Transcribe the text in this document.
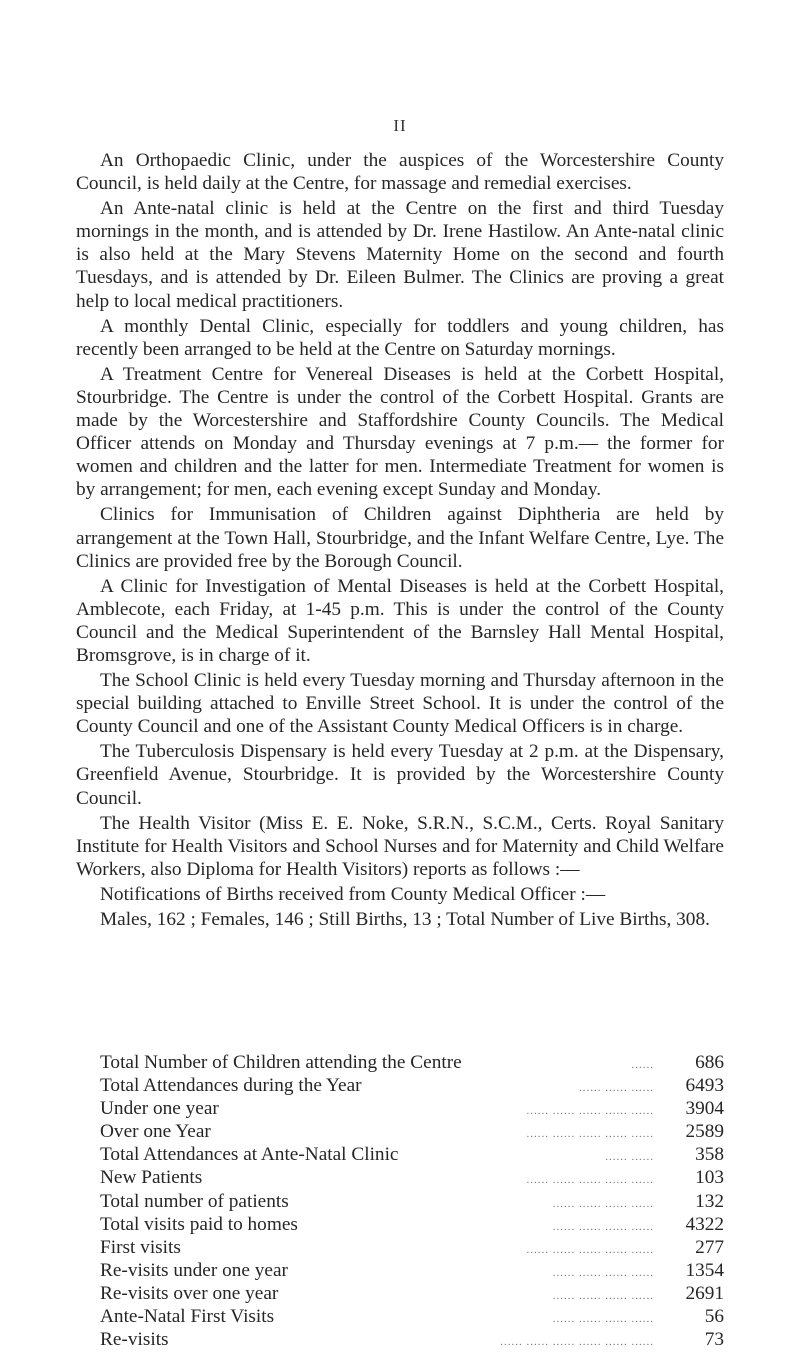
II

An Orthopaedic Clinic, under the auspices of the Worcestershire County Council, is held daily at the Centre, for massage and remedial exercises.

An Ante-natal clinic is held at the Centre on the first and third Tuesday mornings in the month, and is attended by Dr. Irene Hastilow. An Ante-natal clinic is also held at the Mary Stevens Maternity Home on the second and fourth Tuesdays, and is attended by Dr. Eileen Bulmer. The Clinics are proving a great help to local medical practitioners.

A monthly Dental Clinic, especially for toddlers and young children, has recently been arranged to be held at the Centre on Saturday mornings.

A Treatment Centre for Venereal Diseases is held at the Corbett Hospital, Stourbridge. The Centre is under the control of the Corbett Hospital. Grants are made by the Worcestershire and Staffordshire County Councils. The Medical Officer attends on Monday and Thursday evenings at 7 p.m.— the former for women and children and the latter for men. Intermediate Treatment for women is by arrangement; for men, each evening except Sunday and Monday.

Clinics for Immunisation of Children against Diphtheria are held by arrangement at the Town Hall, Stourbridge, and the Infant Welfare Centre, Lye. The Clinics are provided free by the Borough Council.

A Clinic for Investigation of Mental Diseases is held at the Corbett Hospital, Amblecote, each Friday, at 1-45 p.m. This is under the control of the County Council and the Medical Superintendent of the Barnsley Hall Mental Hospital, Bromsgrove, is in charge of it.

The School Clinic is held every Tuesday morning and Thursday afternoon in the special building attached to Enville Street School. It is under the control of the County Council and one of the Assistant County Medical Officers is in charge.

The Tuberculosis Dispensary is held every Tuesday at 2 p.m. at the Dispensary, Greenfield Avenue, Stourbridge. It is provided by the Worcestershire County Council.

The Health Visitor (Miss E. E. Noke, S.R.N., S.C.M., Certs. Royal Sanitary Institute for Health Visitors and School Nurses and for Maternity and Child Welfare Workers, also Diploma for Health Visitors) reports as follows :—

Notifications of Births received from County Medical Officer :—

Males, 162 ; Females, 146 ; Still Births, 13 ; Total Number of Live Births, 308.

Total Number of Children attending the Centre	......	686
Total Attendances during the Year	...... ...... ......	6493
Under one year	...... ...... ...... ...... ......	3904
Over one Year	...... ...... ...... ...... ......	2589
Total Attendances at Ante-Natal Clinic	...... ......	358
New Patients	...... ...... ...... ...... ......	103
Total number of patients	...... ...... ...... ......	132
Total visits paid to homes	...... ...... ...... ......	4322
First visits	...... ...... ...... ...... ......	277
Re-visits under one year	...... ...... ...... ......	1354
Re-visits over one year	...... ...... ...... ......	2691
Ante-Natal First Visits	...... ...... ...... ......	56
Re-visits	...... ...... ...... ...... ...... ......	73
